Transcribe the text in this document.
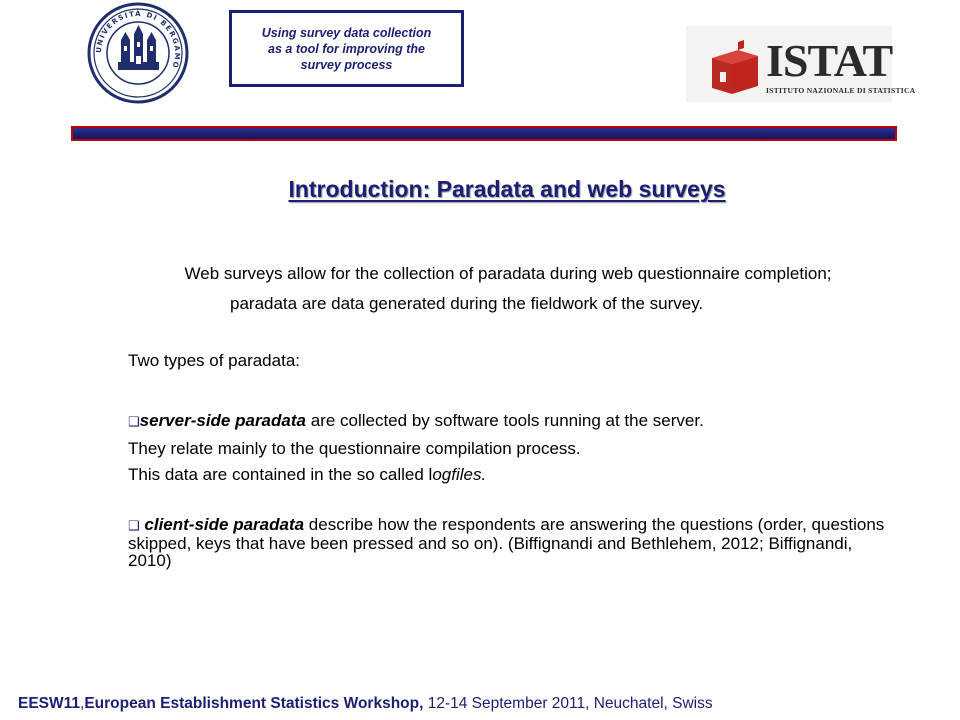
UNIVERSITÀ DI BERGAMO
Using survey data collection
as a tool for improving the
survey process	ISTAT
ISTITUTO NAZIONALE DI STATISTICA
Introduction: Paradata and web surveys

Web surveys allow for the collection of paradata during web questionnaire completion;

paradata are data generated during the fieldwork of the survey.

Two types of paradata:

❑server-side paradata are collected by software tools running at the server.
They relate mainly to the questionnaire compilation process.
This data are contained in the so called logfiles.
❑ client-side paradata describe how the respondents are answering the questions (order, questions skipped, keys that have been pressed and so on). (Biffignandi and Bethlehem, 2012; Biffignandi, 2010)
EESW11,European Establishment Statistics Workshop, 12-14 September 2011, Neuchatel, Swiss
